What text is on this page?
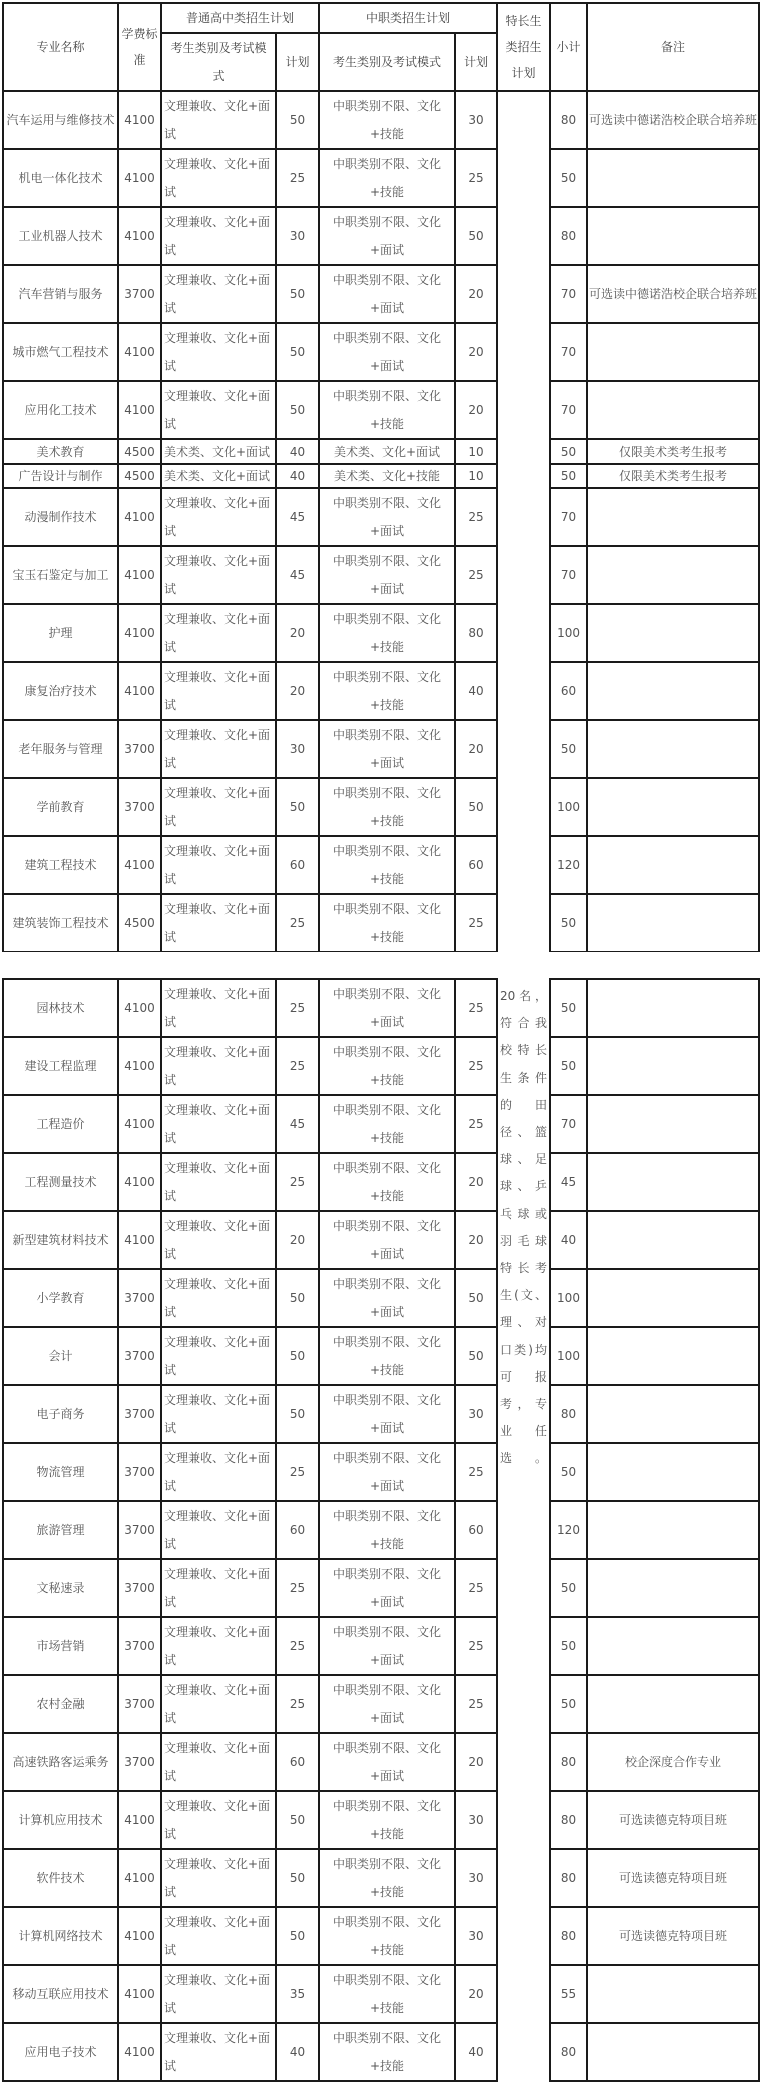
专业名称	学费标准	普通高中类招生计划		中职类招生计划		特长生类招生计划	小计	备注
		考生类别及考试模式	计划	考生类别及考试模式	计划			
汽车运用与维修技术	4100	文理兼收、文化+面试	50	中职类别不限、文化+技能	30		80	可选读中德诺浩校企联合培养班
机电一体化技术	4100	文理兼收、文化+面试	25	中职类别不限、文化+技能	25		50	
工业机器人技术	4100	文理兼收、文化+面试	30	中职类别不限、文化+面试	50		80	
汽车营销与服务	3700	文理兼收、文化+面试	50	中职类别不限、文化+面试	20		70	可选读中德诺浩校企联合培养班
城市燃气工程技术	4100	文理兼收、文化+面试	50	中职类别不限、文化+面试	20		70	
应用化工技术	4100	文理兼收、文化+面试	50	中职类别不限、文化+技能	20		70	
美术教育	4500	美术类、文化+面试	40	美术类、文化+面试	10		50	仅限美术类考生报考
广告设计与制作	4500	美术类、文化+面试	40	美术类、文化+技能	10		50	仅限美术类考生报考
动漫制作技术	4100	文理兼收、文化+面试	45	中职类别不限、文化+面试	25		70	
宝玉石鉴定与加工	4100	文理兼收、文化+面试	45	中职类别不限、文化+面试	25		70	
护理	4100	文理兼收、文化+面试	20	中职类别不限、文化+技能	80		100	
康复治疗技术	4100	文理兼收、文化+面试	20	中职类别不限、文化+技能	40		60	
老年服务与管理	3700	文理兼收、文化+面试	30	中职类别不限、文化+面试	20		50	
学前教育	3700	文理兼收、文化+面试	50	中职类别不限、文化+技能	50		100	
建筑工程技术	4100	文理兼收、文化+面试	60	中职类别不限、文化+技能	60		120	
建筑装饰工程技术	4500	文理兼收、文化+面试	25	中职类别不限、文化+技能	25		50	
园林技术	4100	文理兼收、文化+面试	25	中职类别不限、文化+面试	25	20名，符合我校特长生条件的田径、篮球、足球、乒乓球或羽毛球特长考生(文、理、对口类)均可报考，专业任选。	50	
建设工程监理	4100	文理兼收、文化+面试	25	中职类别不限、文化+技能	25		50	
工程造价	4100	文理兼收、文化+面试	45	中职类别不限、文化+技能	25		70	
工程测量技术	4100	文理兼收、文化+面试	25	中职类别不限、文化+技能	20		45	
新型建筑材料技术	4100	文理兼收、文化+面试	20	中职类别不限、文化+面试	20		40	
小学教育	3700	文理兼收、文化+面试	50	中职类别不限、文化+面试	50		100	
会计	3700	文理兼收、文化+面试	50	中职类别不限、文化+技能	50		100	
电子商务	3700	文理兼收、文化+面试	50	中职类别不限、文化+面试	30		80	
物流管理	3700	文理兼收、文化+面试	25	中职类别不限、文化+面试	25		50	
旅游管理	3700	文理兼收、文化+面试	60	中职类别不限、文化+技能	60		120	
文秘速录	3700	文理兼收、文化+面试	25	中职类别不限、文化+面试	25		50	
市场营销	3700	文理兼收、文化+面试	25	中职类别不限、文化+面试	25		50	
农村金融	3700	文理兼收、文化+面试	25	中职类别不限、文化+面试	25		50	
高速铁路客运乘务	3700	文理兼收、文化+面试	60	中职类别不限、文化+面试	20		80	校企深度合作专业
计算机应用技术	4100	文理兼收、文化+面试	50	中职类别不限、文化+技能	30		80	可选读德克特项目班
软件技术	4100	文理兼收、文化+面试	50	中职类别不限、文化+技能	30		80	可选读德克特项目班
计算机网络技术	4100	文理兼收、文化+面试	50	中职类别不限、文化+技能	30		80	可选读德克特项目班
移动互联应用技术	4100	文理兼收、文化+面试	35	中职类别不限、文化+技能	20		55	
应用电子技术	4100	文理兼收、文化+面试	40	中职类别不限、文化+技能	40		80	
